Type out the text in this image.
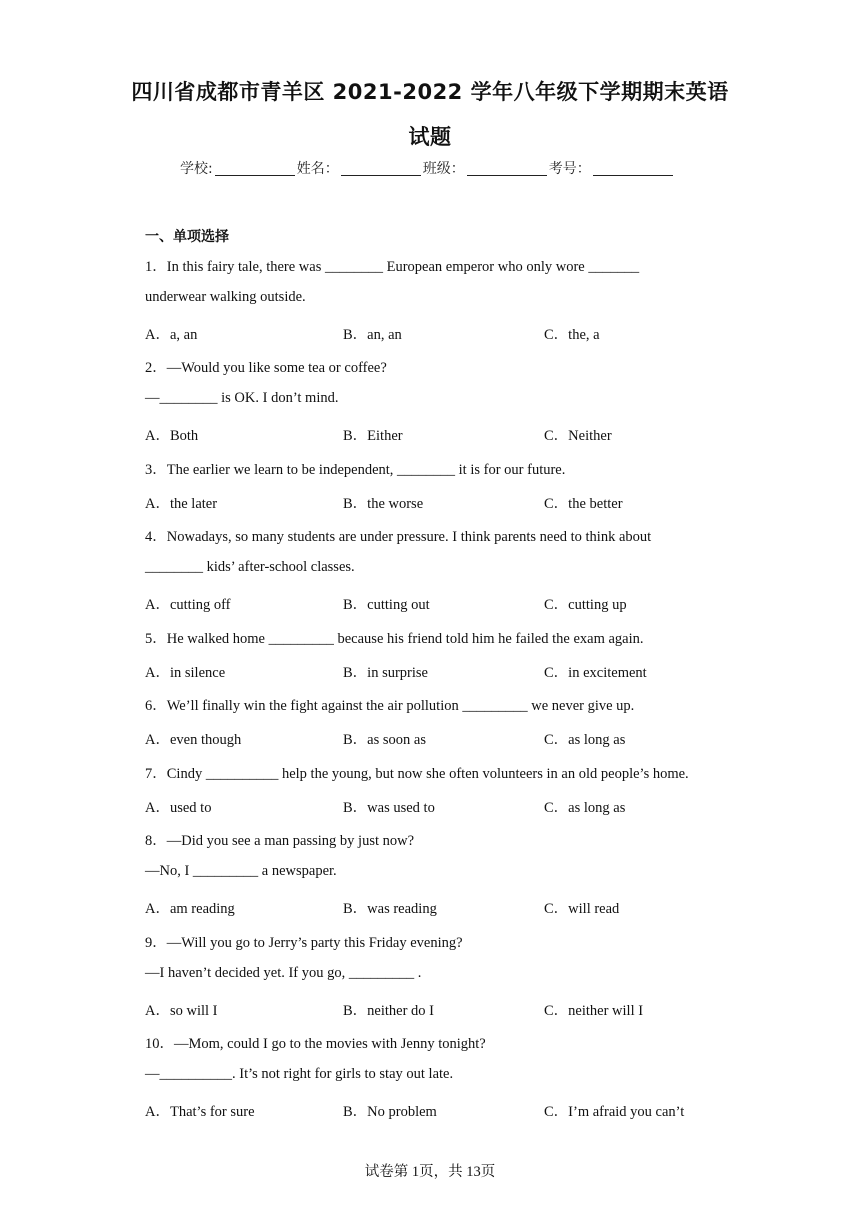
四川省成都市青羊区 2021-2022 学年八年级下学期期末英语
试题
学校:	姓名：	班级：	考号：
一、单项选择
1．In this fairy tale, there was ________ European emperor who only wore _______
underwear walking outside.
A．a, an	B．an, an	C．the, a
2．—Would you like some tea or coffee?
—________ is OK. I don’t mind.
A．Both	B．Either	C．Neither
3．The earlier we learn to be independent, ________ it is for our future.
A．the later	B．the worse	C．the better
4．Nowadays, so many students are under pressure. I think parents need to think about
________ kids’ after-school classes.
A．cutting off	B．cutting out	C．cutting up
5．He walked home _________ because his friend told him he failed the exam again.
A．in silence	B．in surprise	C．in excitement
6．We’ll finally win the fight against the air pollution _________ we never give up.
A．even though	B．as soon as	C．as long as
7．Cindy __________ help the young, but now she often volunteers in an old people’s home.
A．used to	B．was used to	C．as long as
8．—Did you see a man passing by just now?
—No, I _________ a newspaper.
A．am reading	B．was reading	C．will read
9．—Will you go to Jerry’s party this Friday evening?
—I haven’t decided yet. If you go, _________ .
A．so will I	B．neither do I	C．neither will I
10．—Mom, could I go to the movies with Jenny tonight?
—__________. It’s not right for girls to stay out late.
A．That’s for sure	B．No problem	C．I’m afraid you can’t
试卷第 1页，共 13页
